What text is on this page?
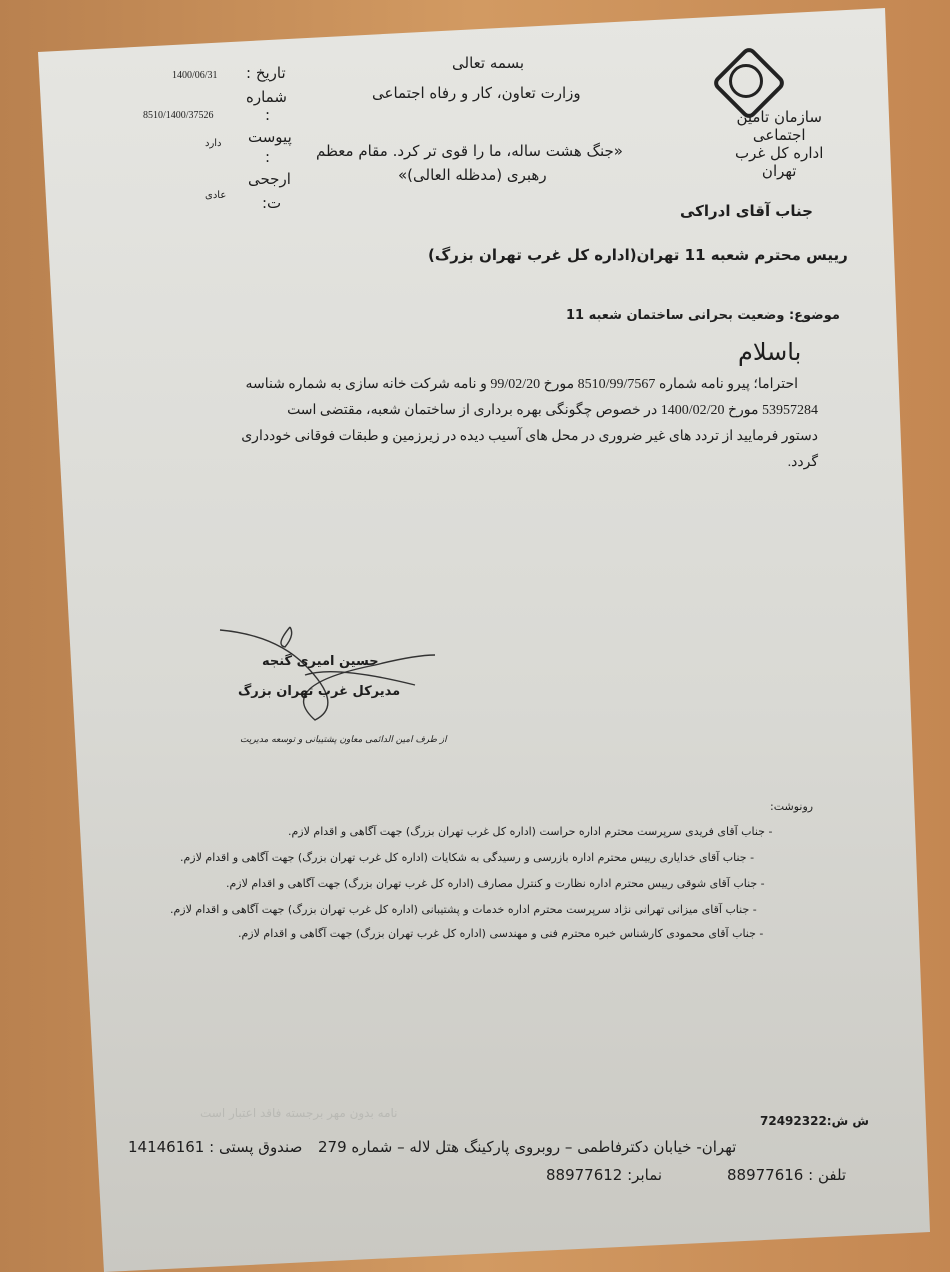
سازمان تامین
اجتماعی
اداره کل غرب
تهران
بسمه تعالی
وزارت تعاون، کار و رفاه اجتماعی
«جنگ هشت ساله، ما را قوی تر کرد. مقام معظم
رهبری (مدظله العالی)»
تاریخ :
1400/06/31
شماره
8510/1400/37526	:
پیوست
دارد
:
ارجحی
ت:
عادی
جناب آقای ادراکی
رییس محترم شعبه 11 تهران(اداره کل غرب تهران بزرگ)
موضوع: وضعیت بحرانی ساختمان شعبه 11
باسلام
احتراما؛ پیرو نامه شماره 8510/99/7567 مورخ 99/02/20 و نامه شرکت خانه سازی به شماره شناسه
53957284 مورخ 1400/02/20 در خصوص چگونگی بهره برداری از ساختمان شعبه، مقتضی است
دستور فرمایید از تردد های غیر ضروری در محل های آسیب دیده در زیرزمین و طبقات فوقانی خودداری
گردد.
حسین امیری گنجه
مدیرکل غرب تهران بزرگ
از طرف امین الدائمی معاون پشتیبانی و توسعه مدیریت
رونوشت:
- جناب آقای فریدی سرپرست محترم اداره حراست (اداره کل غرب تهران بزرگ) جهت آگاهی و اقدام لازم.
- جناب آقای خدایاری رییس محترم اداره بازرسی و رسیدگی به شکایات (اداره کل غرب تهران بزرگ) جهت آگاهی و اقدام لازم.
- جناب آقای شوقی رییس محترم اداره نظارت و کنترل مصارف (اداره کل غرب تهران بزرگ) جهت آگاهی و اقدام لازم.
- جناب آقای میزانی تهرانی نژاد سرپرست محترم اداره خدمات و پشتیبانی (اداره کل غرب تهران بزرگ) جهت آگاهی و اقدام لازم.
- جناب آقای محمودی کارشناس خبره محترم فنی و مهندسی (اداره کل غرب تهران بزرگ) جهت آگاهی و اقدام لازم.
ش ش:72492322
نامه بدون مهر برجسته فاقد اعتبار است
تهران- خیابان دکترفاطمی – روبروی پارکینگ هتل لاله – شماره 279
صندوق پستی : 14146161
تلفن : 88977616
نمابر: 88977612
